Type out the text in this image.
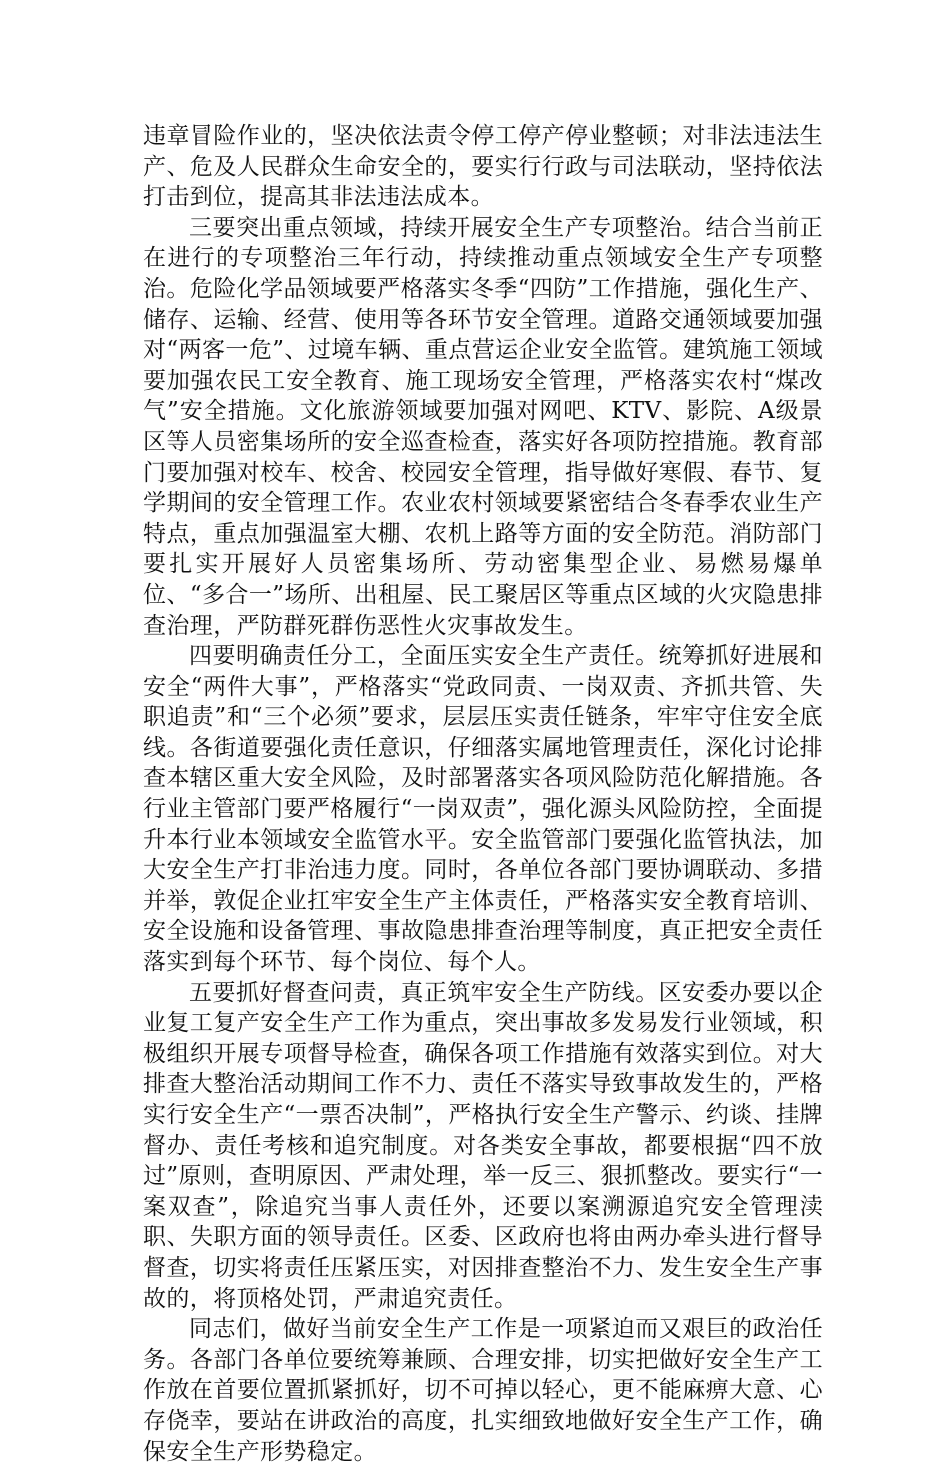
违章冒险作业的，坚决依法责令停工停产停业整顿；对非法违法生产、危及人民群众生命安全的，要实行行政与司法联动，坚持依法打击到位，提高其非法违法成本。

三要突出重点领域，持续开展安全生产专项整治。结合当前正在进行的专项整治三年行动，持续推动重点领域安全生产专项整治。危险化学品领域要严格落实冬季“四防”工作措施，强化生产、储存、运输、经营、使用等各环节安全管理。道路交通领域要加强对“两客一危”、过境车辆、重点营运企业安全监管。建筑施工领域要加强农民工安全教育、施工现场安全管理，严格落实农村“煤改气”安全措施。文化旅游领域要加强对网吧、KTV、影院、A级景区等人员密集场所的安全巡查检查，落实好各项防控措施。教育部门要加强对校车、校舍、校园安全管理，指导做好寒假、春节、复学期间的安全管理工作。农业农村领域要紧密结合冬春季农业生产特点，重点加强温室大棚、农机上路等方面的安全防范。消防部门要扎实开展好人员密集场所、劳动密集型企业、易燃易爆单位、“多合一”场所、出租屋、民工聚居区等重点区域的火灾隐患排查治理，严防群死群伤恶性火灾事故发生。

四要明确责任分工，全面压实安全生产责任。统筹抓好进展和安全“两件大事”，严格落实“党政同责、一岗双责、齐抓共管、失职追责”和“三个必须”要求，层层压实责任链条，牢牢守住安全底线。各街道要强化责任意识，仔细落实属地管理责任，深化讨论排查本辖区重大安全风险，及时部署落实各项风险防范化解措施。各行业主管部门要严格履行“一岗双责”，强化源头风险防控，全面提升本行业本领域安全监管水平。安全监管部门要强化监管执法，加大安全生产打非治违力度。同时，各单位各部门要协调联动、多措并举，敦促企业扛牢安全生产主体责任，严格落实安全教育培训、安全设施和设备管理、事故隐患排查治理等制度，真正把安全责任落实到每个环节、每个岗位、每个人。

五要抓好督查问责，真正筑牢安全生产防线。区安委办要以企业复工复产安全生产工作为重点，突出事故多发易发行业领域，积极组织开展专项督导检查，确保各项工作措施有效落实到位。对大排查大整治活动期间工作不力、责任不落实导致事故发生的，严格实行安全生产“一票否决制”，严格执行安全生产警示、约谈、挂牌督办、责任考核和追究制度。对各类安全事故，都要根据“四不放过”原则，查明原因、严肃处理，举一反三、狠抓整改。要实行“一案双查”，除追究当事人责任外，还要以案溯源追究安全管理渎职、失职方面的领导责任。区委、区政府也将由两办牵头进行督导督查，切实将责任压紧压实，对因排查整治不力、发生安全生产事故的，将顶格处罚，严肃追究责任。

同志们，做好当前安全生产工作是一项紧迫而又艰巨的政治任务。各部门各单位要统筹兼顾、合理安排，切实把做好安全生产工作放在首要位置抓紧抓好，切不可掉以轻心，更不能麻痹大意、心存侥幸，要站在讲政治的高度，扎实细致地做好安全生产工作，确保安全生产形势稳定。
